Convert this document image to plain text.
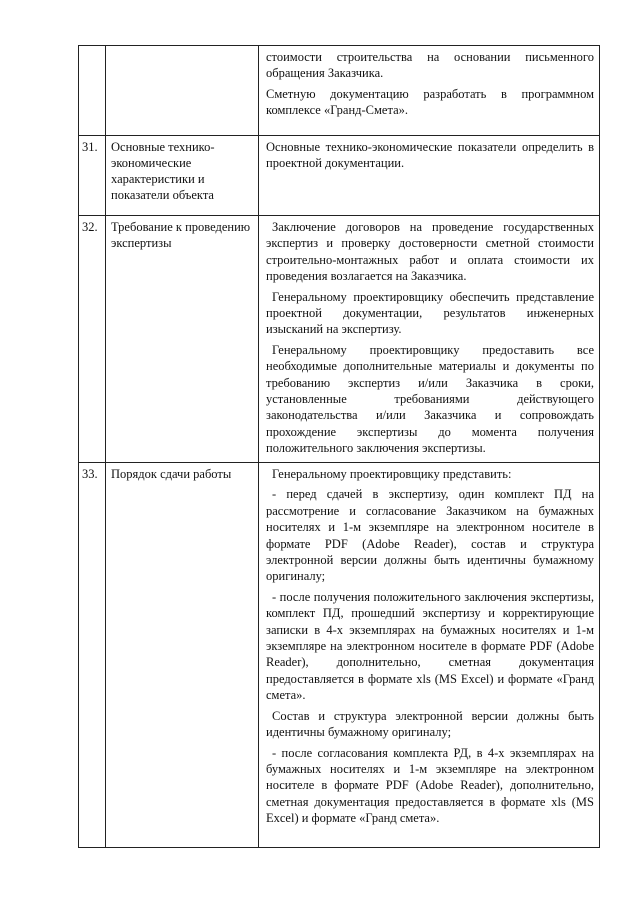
		стоимости строительства на основании письменного обращения Заказчика.

Сметную документацию разработать в программном комплексе «Гранд-Смета».

31.	Основные технико-экономические характеристики и показатели объекта	Основные технико-экономические показатели определить в проектной документации.

32.	Требование к проведению экспертизы	Заключение договоров на проведение государственных экспертиз и проверку достоверности сметной стоимости строительно-монтажных работ и оплата стоимости их проведения возлагается на Заказчика.

Генеральному проектировщику обеспечить представление проектной документации, результатов инженерных изысканий на экспертизу.

Генеральному проектировщику предоставить все необходимые дополнительные материалы и документы по требованию экспертиз и/или Заказчика в сроки, установленные требованиями действующего законодательства и/или Заказчика и сопровождать прохождение экспертизы до момента получения положительного заключения экспертизы.

33.	Порядок сдачи работы	Генеральному проектировщику представить:

- перед сдачей в экспертизу, один комплект ПД на рассмотрение и согласование Заказчиком на бумажных носителях и 1-м экземпляре на электронном носителе в формате PDF (Adobe Reader), состав и структура электронной версии должны быть идентичны бумажному оригиналу;

- после получения положительного заключения экспертизы, комплект ПД, прошедший экспертизу и корректирующие записки в 4-х экземплярах на бумажных носителях и 1-м экземпляре на электронном носителе в формате PDF (Adobe Reader), дополнительно, сметная документация предоставляется в формате xls (MS Excel) и формате «Гранд смета».

Состав и структура электронной версии должны быть идентичны бумажному оригиналу;

- после согласования комплекта РД, в 4-х экземплярах на бумажных носителях и 1-м экземпляре на электронном носителе в формате PDF (Adobe Reader), дополнительно, сметная документация предоставляется в формате xls (MS Excel) и формате «Гранд смета».
